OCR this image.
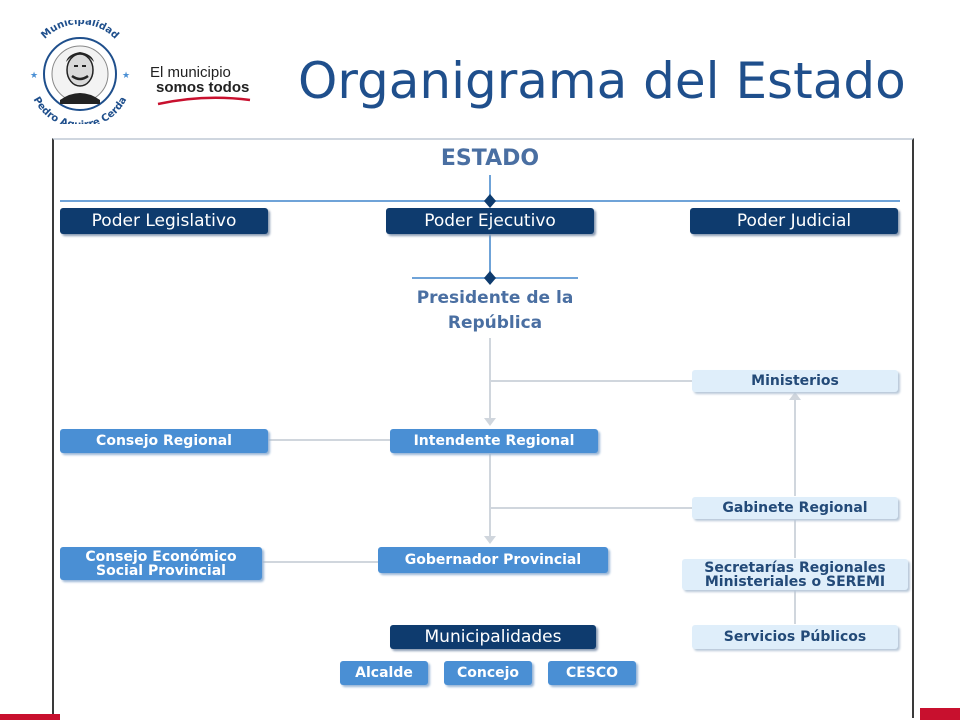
Municipalidad
Pedro A e Cerda
★	★ El municipio
somos todos Organigrama del Estado
ESTADO
Poder Legislativo	Poder Ejecutivo	Poder Judicial
Presidente de la República
Ministerios
Consejo Regional	Intendente Regional
Gabinete Regional
Consejo Económico
Social Provincial
Gobernador Provincial	Secretarías Regionales
Ministeriales o SEREMI
Municipalidades	Servicios Públicos
Alcalde	Concejo	CESCO
